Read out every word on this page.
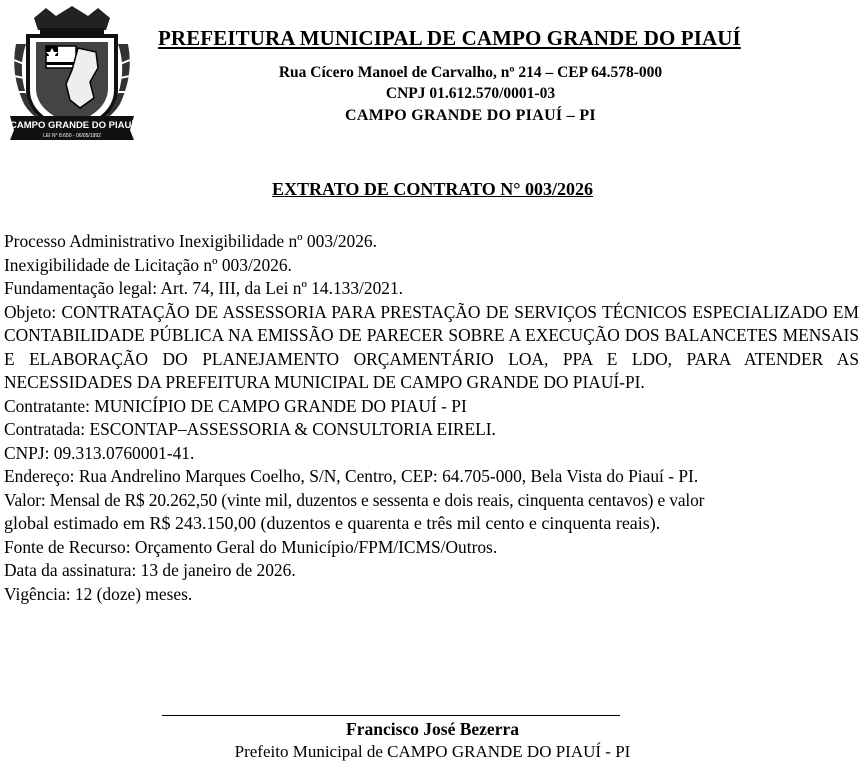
CAMPO GRANDE DO PIAUÍ
LEI N° 8.650 - 06/05/1992
PREFEITURA MUNICIPAL DE CAMPO GRANDE DO PIAUÍ
Rua Cícero Manoel de Carvalho, nº 214 – CEP 64.578-000
CNPJ 01.612.570/0001-03
CAMPO GRANDE DO PIAUÍ – PI
EXTRATO DE CONTRATO N° 003/2026

Processo Administrativo Inexigibilidade nº 003/2026.

Inexigibilidade de Licitação nº 003/2026.

Fundamentação legal: Art. 74, III, da Lei nº 14.133/2021.

Objeto: CONTRATAÇÃO DE ASSESSORIA PARA PRESTAÇÃO DE SERVIÇOS TÉCNICOS ESPECIALIZADO EM CONTABILIDADE PÚBLICA NA EMISSÃO DE PARECER SOBRE A EXECUÇÃO DOS BALANCETES MENSAIS E ELABORAÇÃO DO PLANEJAMENTO ORÇAMENTÁRIO LOA, PPA E LDO, PARA ATENDER AS NECESSIDADES DA PREFEITURA MUNICIPAL DE CAMPO GRANDE DO PIAUÍ-PI.

Contratante: MUNICÍPIO DE CAMPO GRANDE DO PIAUÍ - PI

Contratada: ESCONTAP–ASSESSORIA & CONSULTORIA EIRELI.

CNPJ: 09.313.0760001-41.

Endereço: Rua Andrelino Marques Coelho, S/N, Centro, CEP: 64.705-000, Bela Vista do Piauí - PI.

Valor: Mensal de R$ 20.262,50 (vinte mil, duzentos e sessenta e dois reais, cinquenta centavos) e valor

global estimado em R$ 243.150,00 (duzentos e quarenta e três mil cento e cinquenta reais).

Fonte de Recurso: Orçamento Geral do Município/FPM/ICMS/Outros.

Data da assinatura: 13 de janeiro de 2026.

Vigência: 12 (doze) meses.

Francisco José Bezerra
Prefeito Municipal de CAMPO GRANDE DO PIAUÍ - PI
